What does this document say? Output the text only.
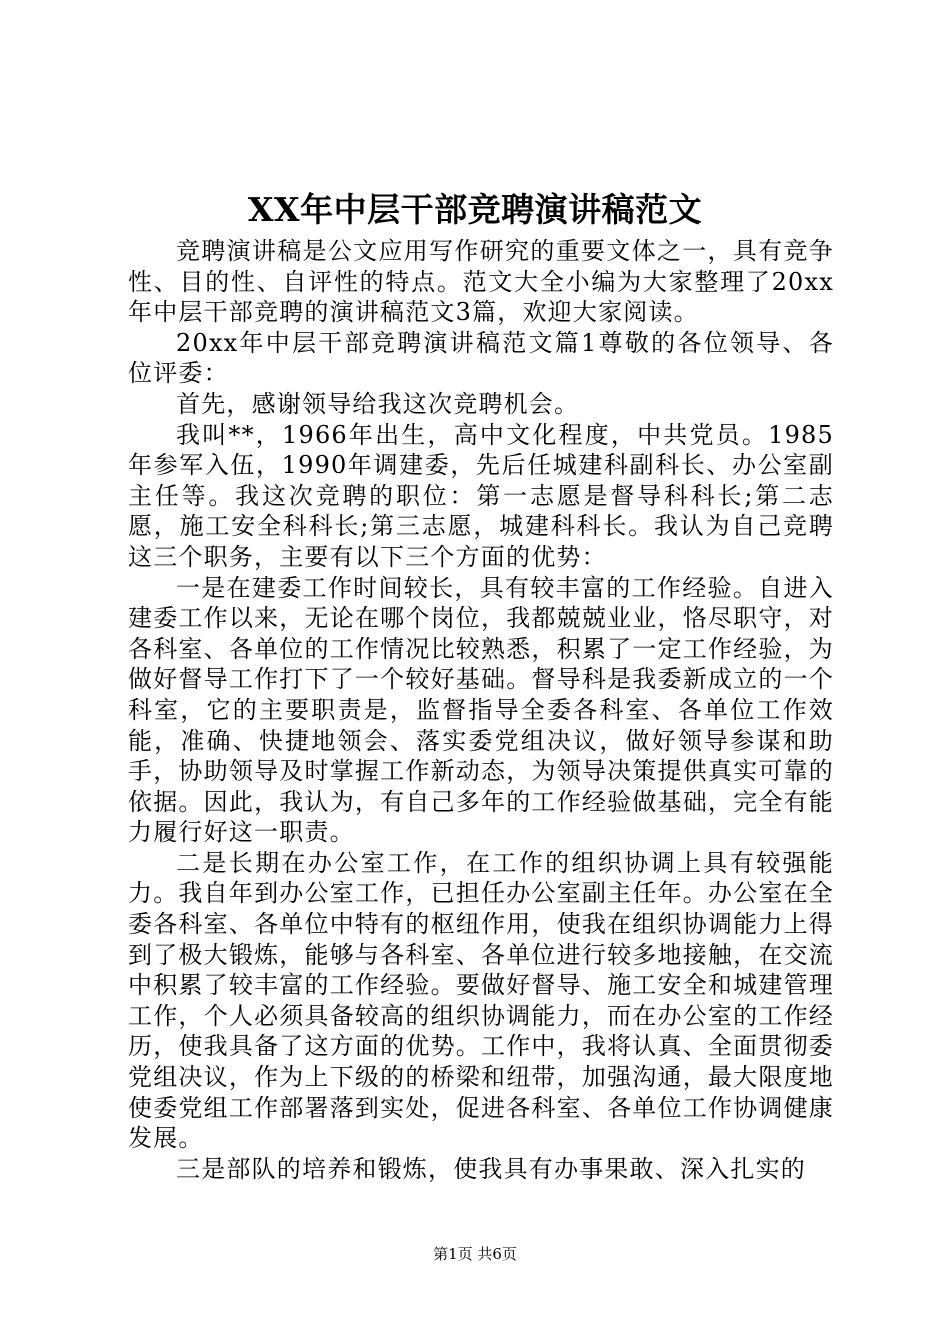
XX年中层干部竞聘演讲稿范文

竞聘演讲稿是公文应用写作研究的重要文体之一，具有竞争性、目的性、自评性的特点。范文大全小编为大家整理了20xx年中层干部竞聘的演讲稿范文3篇，欢迎大家阅读。

20xx年中层干部竞聘演讲稿范文篇1尊敬的各位领导、各位评委：

首先，感谢领导给我这次竞聘机会。

我叫**，1966年出生，高中文化程度，中共党员。1985年参军入伍，1990年调建委，先后任城建科副科长、办公室副主任等。我这次竞聘的职位：第一志愿是督导科科长;第二志愿，施工安全科科长;第三志愿，城建科科长。我认为自己竞聘这三个职务，主要有以下三个方面的优势：

一是在建委工作时间较长，具有较丰富的工作经验。自进入建委工作以来，无论在哪个岗位，我都兢兢业业，恪尽职守，对各科室、各单位的工作情况比较熟悉，积累了一定工作经验，为做好督导工作打下了一个较好基础。督导科是我委新成立的一个科室，它的主要职责是，监督指导全委各科室、各单位工作效能，准确、快捷地领会、落实委党组决议，做好领导参谋和助手，协助领导及时掌握工作新动态，为领导决策提供真实可靠的依据。因此，我认为，有自己多年的工作经验做基础，完全有能力履行好这一职责。

二是长期在办公室工作，在工作的组织协调上具有较强能力。我自年到办公室工作，已担任办公室副主任年。办公室在全委各科室、各单位中特有的枢纽作用，使我在组织协调能力上得到了极大锻炼，能够与各科室、各单位进行较多地接触，在交流中积累了较丰富的工作经验。要做好督导、施工安全和城建管理工作，个人必须具备较高的组织协调能力，而在办公室的工作经历，使我具备了这方面的优势。工作中，我将认真、全面贯彻委党组决议，作为上下级的的桥梁和纽带，加强沟通，最大限度地使委党组工作部署落到实处，促进各科室、各单位工作协调健康发展。

三是部队的培养和锻炼，使我具有办事果敢、深入扎实的

第1页 共6页
